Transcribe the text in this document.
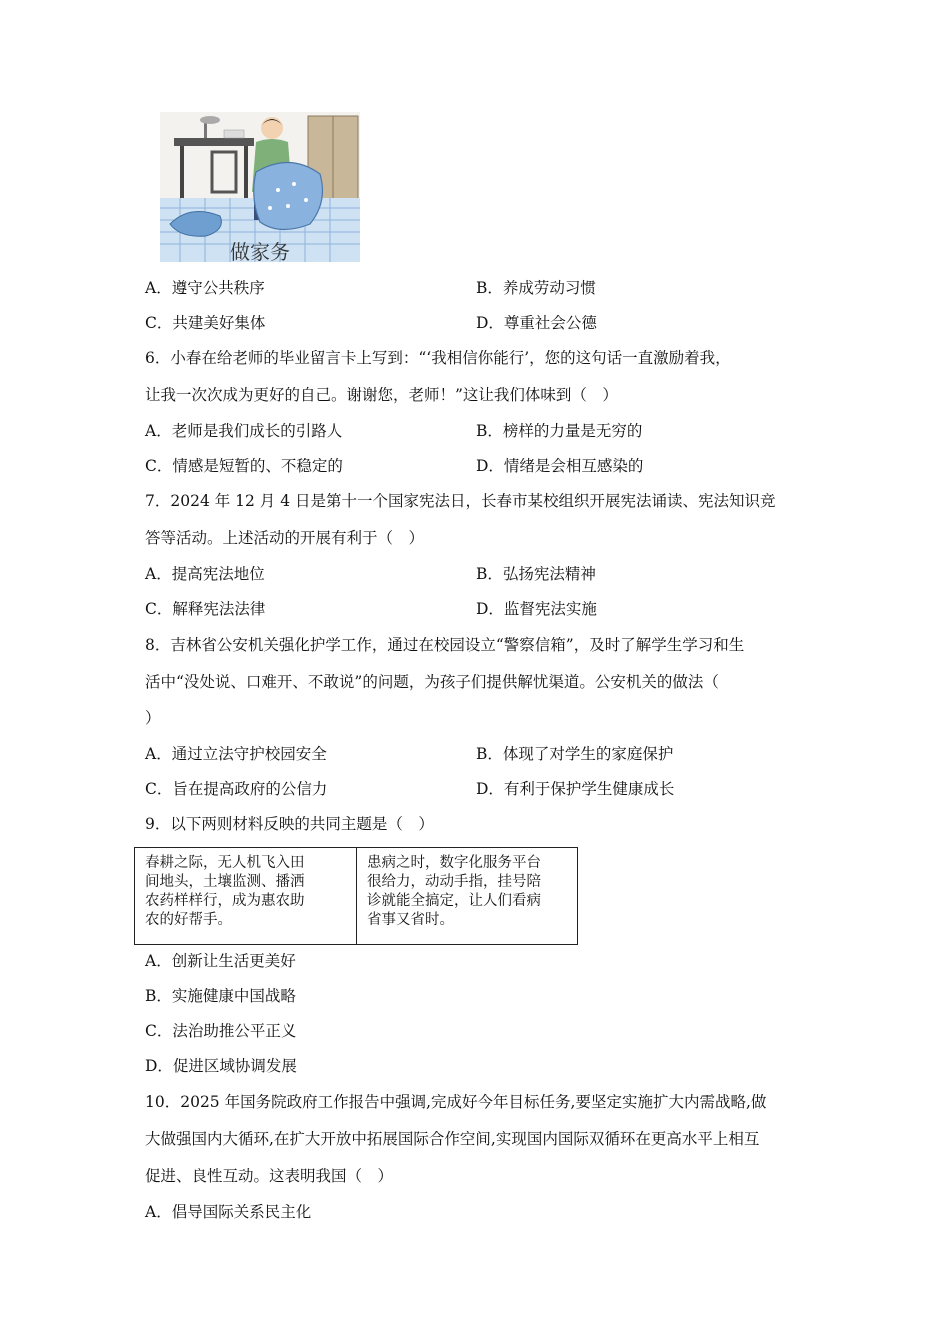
做家务
A．遵守公共秩序	B．养成劳动习惯
C．共建美好集体	D．尊重社会公德
6．小春在给老师的毕业留言卡上写到：“‘我相信你能行’，您的这句话一直激励着我，
让我一次次成为更好的自己。谢谢您，老师！”这让我们体味到（　）
A．老师是我们成长的引路人	B．榜样的力量是无穷的
C．情感是短暂的、不稳定的	D．情绪是会相互感染的
7．2024 年 12 月 4 日是第十一个国家宪法日，长春市某校组织开展宪法诵读、宪法知识竞
答等活动。上述活动的开展有利于（　）
A．提高宪法地位	B．弘扬宪法精神
C．解释宪法法律	D．监督宪法实施
8．吉林省公安机关强化护学工作，通过在校园设立“警察信箱”，及时了解学生学习和生
活中“没处说、口难开、不敢说”的问题，为孩子们提供解忧渠道。公安机关的做法（
）
A．通过立法守护校园安全	B．体现了对学生的家庭保护
C．旨在提高政府的公信力	D．有利于保护学生健康成长
9．以下两则材料反映的共同主题是（　）
春耕之际，无人机飞入田
间地头，土壤监测、播洒
农药样样行，成为惠农助
农的好帮手。
患病之时，数字化服务平台
很给力，动动手指，挂号陪
诊就能全搞定，让人们看病
省事又省时。
A．创新让生活更美好
B．实施健康中国战略
C．法治助推公平正义
D．促进区域协调发展
10．2025 年国务院政府工作报告中强调,完成好今年目标任务,要坚定实施扩大内需战略,做
大做强国内大循环,在扩大开放中拓展国际合作空间,实现国内国际双循环在更高水平上相互
促进、良性互动。这表明我国（　）
A．倡导国际关系民主化
